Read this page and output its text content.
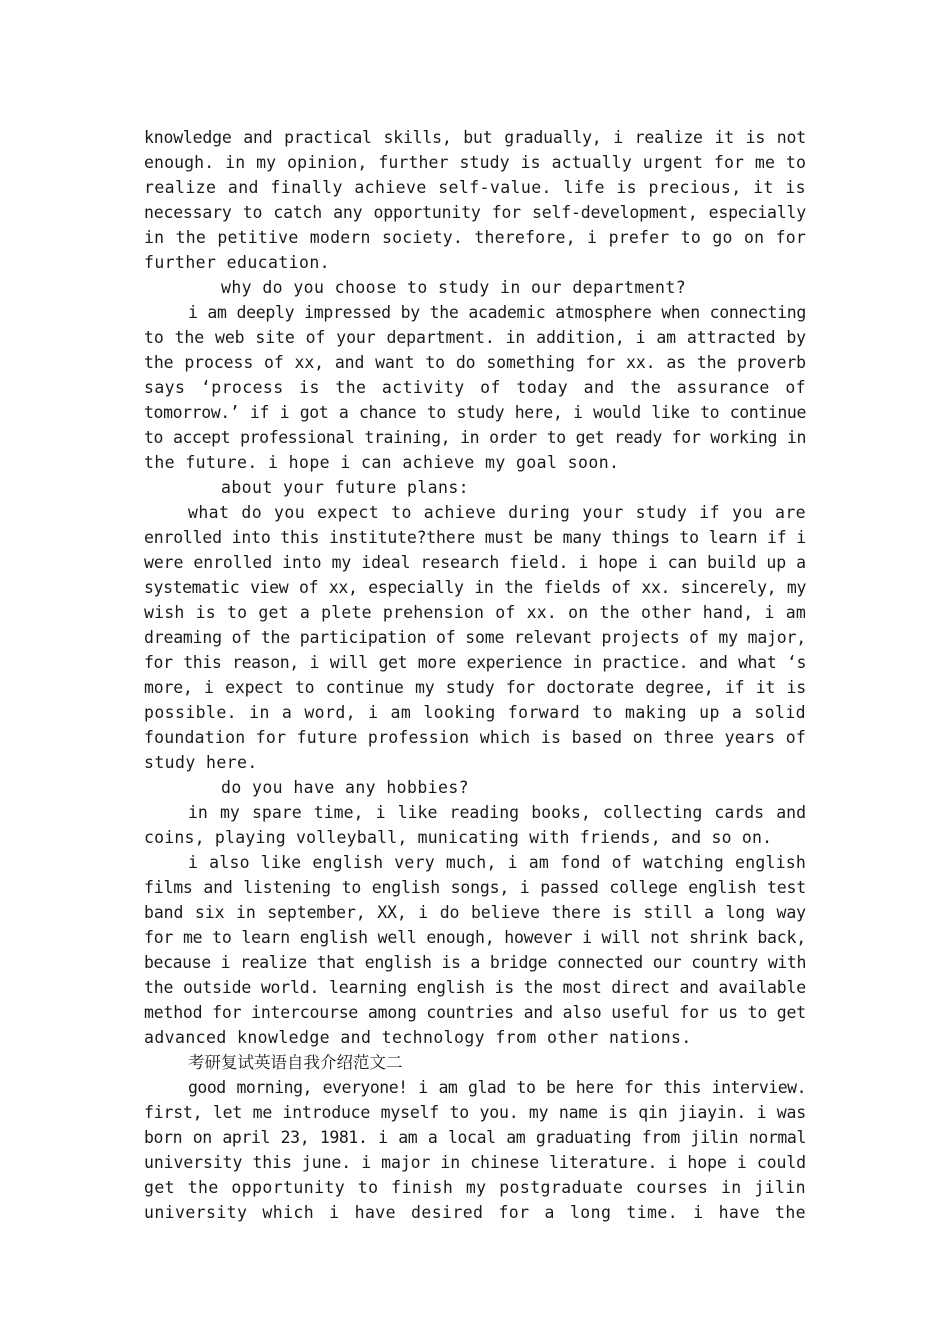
knowledge and practical skills, but gradually, i realize it is not
enough. in my opinion, further study is actually urgent for me to
realize and finally achieve self-value. life is precious, it is
necessary to catch any opportunity for self-development, especially
in the petitive modern society. therefore, i prefer to go on for
further education.
why do you choose to study in our department?
i am deeply impressed by the academic atmosphere when connecting
to the web site of your department. in addition, i am attracted by
the process of xx, and want to do something for xx. as the proverb
says ‘process is the activity of today and the assurance of
tomorrow.’ if i got a chance to study here, i would like to continue
to accept professional training, in order to get ready for working in
the future. i hope i can achieve my goal soon.
about your future plans:
what do you expect to achieve during your study if you are
enrolled into this institute?there must be many things to learn if i
were enrolled into my ideal research field. i hope i can build up a
systematic view of xx, especially in the fields of xx. sincerely, my
wish is to get a plete prehension of xx. on the other hand, i am
dreaming of the participation of some relevant projects of my major,
for this reason, i will get more experience in practice. and what ‘s
more, i expect to continue my study for doctorate degree, if it is
possible. in a word, i am looking forward to making up a solid
foundation for future profession which is based on three years of
study here.
do you have any hobbies?
in my spare time, i like reading books, collecting cards and
coins, playing volleyball, municating with friends, and so on.
i also like english very much, i am fond of watching english
films and listening to english songs, i passed college english test
band six in september, XX, i do believe there is still a long way
for me to learn english well enough, however i will not shrink back,
because i realize that english is a bridge connected our country with
the outside world. learning english is the most direct and available
method for intercourse among countries and also useful for us to get
advanced knowledge and technology from other nations.
考研复试英语自我介绍范文二
good morning, everyone! i am glad to be here for this interview.
first, let me introduce myself to you. my name is qin jiayin. i was
born on april 23, 1981. i am a local am graduating from jilin normal
university this june. i major in chinese literature. i hope i could
get the opportunity to finish my postgraduate courses in jilin
university which i have desired for a long time. i have the
